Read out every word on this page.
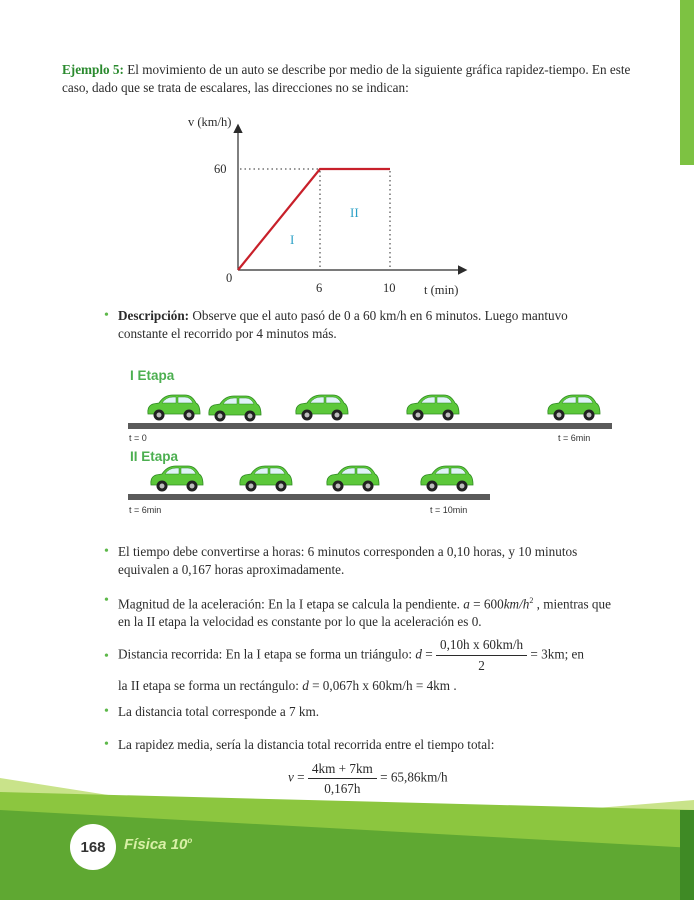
Ejemplo 5: El movimiento de un auto se describe por medio de la siguiente gráfica rapidez-tiempo. En este caso, dado que se trata de escalares, las direcciones no se indican:
v (km/h)
60
0
6	10 t (min)
I
II
• Descripción: Observe que el auto pasó de 0 a 60 km/h en 6 minutos. Luego mantuvo constante el recorrido por 4 minutos más.
I Etapa
t = 0	t = 6min
II Etapa
t = 6min	t = 10min
• El tiempo debe convertirse a horas: 6 minutos corresponden a 0,10 horas, y 10 minutos equivalen a 0,167 horas aproximadamente.
• Magnitud de la aceleración: En la I etapa se calcula la pendiente. $a = 600km/h^2$ , mientras que en la II etapa la velocidad es constante por lo que la aceleración es 0.
• Distancia recorrida: En la I etapa se forma un triángulo: $d = \frac{\text{0,10h x 60km/h}}{2} = 3km$; en
la II etapa se forma un rectángulo: d = 0,067h x 60km/h = 4km .
• La distancia total corresponde a 7 km.
• La rapidez media, sería la distancia total recorrida entre el tiempo total:
$v = \frac{4km + 7km}{0,167h} = 65,86km/h$
168	Física 10$^o$
